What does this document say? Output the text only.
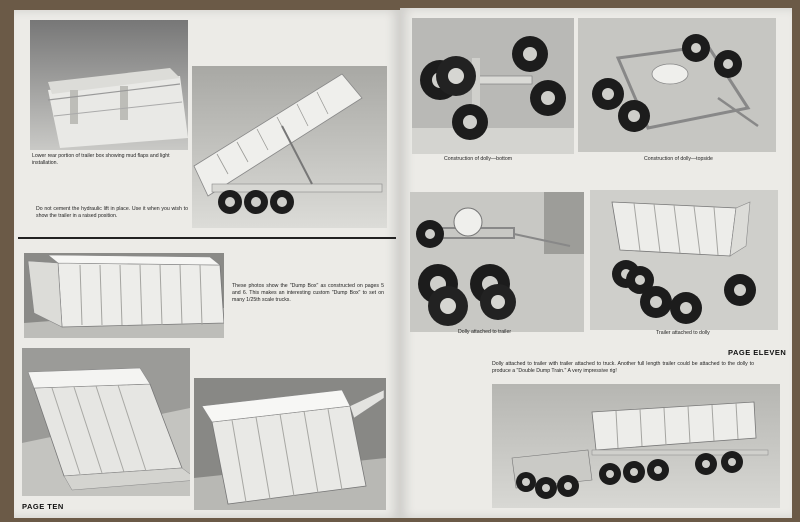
Lower rear portion of trailer box showing mud flaps and light installation.
Do not cement the hydraulic lift in place. Use it when you wish to show the trailer in a raised position.
These photos show the "Dump Box" as constructed on pages 5 and 6. This makes an interesting custom "Dump Box" to set on many 1/25th scale trucks.
PAGE TEN
Construction of dolly—bottom	Construction of dolly—topside
Dolly attached to trailer	Trailer attached to dolly
PAGE ELEVEN
Dolly attached to trailer with trailer attached to truck. Another full length trailer could be attached to the dolly to produce a "Double Dump Train." A very impressive rig!
